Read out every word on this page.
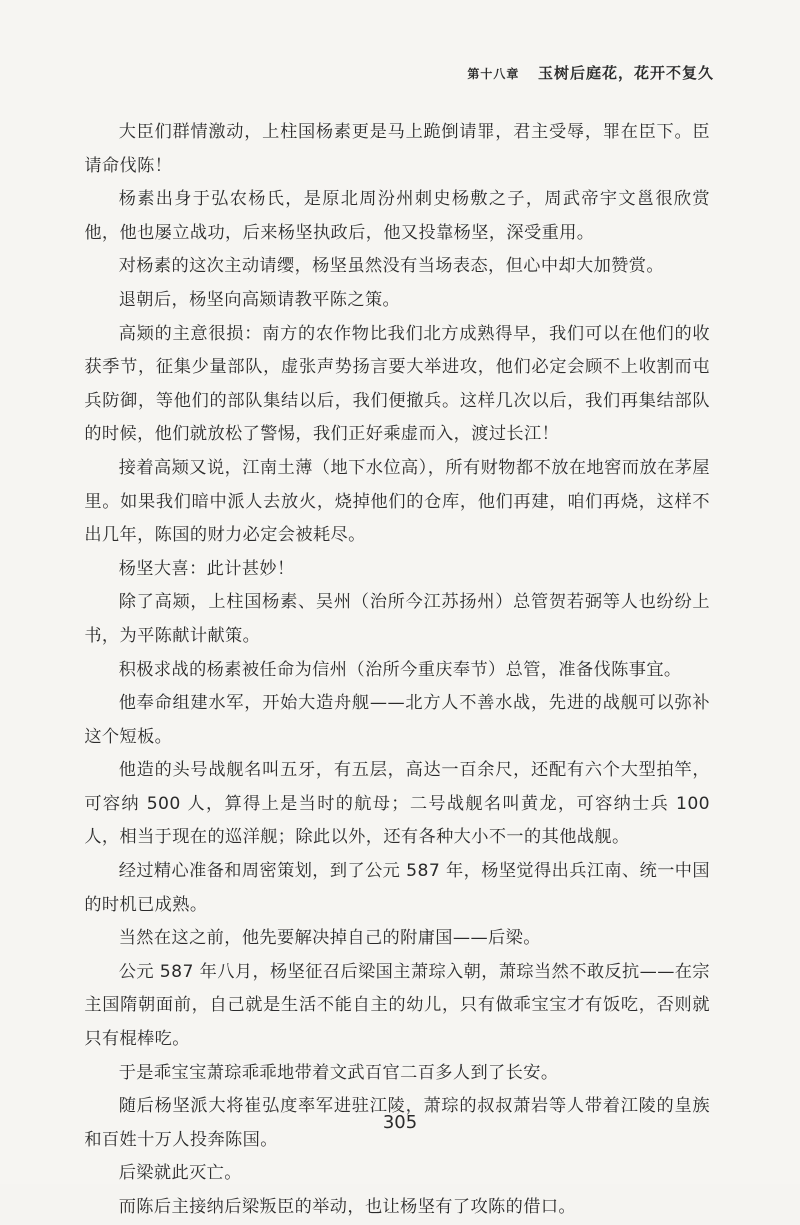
第十八章 玉树后庭花，花开不复久

大臣们群情激动，上柱国杨素更是马上跪倒请罪，君主受辱，罪在臣下。臣请命伐陈！

杨素出身于弘农杨氏，是原北周汾州刺史杨敷之子，周武帝宇文邕很欣赏他，他也屡立战功，后来杨坚执政后，他又投靠杨坚，深受重用。

对杨素的这次主动请缨，杨坚虽然没有当场表态，但心中却大加赞赏。

退朝后，杨坚向高颎请教平陈之策。

高颎的主意很损：南方的农作物比我们北方成熟得早，我们可以在他们的收获季节，征集少量部队，虚张声势扬言要大举进攻，他们必定会顾不上收割而屯兵防御，等他们的部队集结以后，我们便撤兵。这样几次以后，我们再集结部队的时候，他们就放松了警惕，我们正好乘虚而入，渡过长江！

接着高颎又说，江南土薄（地下水位高），所有财物都不放在地窖而放在茅屋里。如果我们暗中派人去放火，烧掉他们的仓库，他们再建，咱们再烧，这样不出几年，陈国的财力必定会被耗尽。

杨坚大喜：此计甚妙！

除了高颎，上柱国杨素、吴州（治所今江苏扬州）总管贺若弼等人也纷纷上书，为平陈献计献策。

积极求战的杨素被任命为信州（治所今重庆奉节）总管，准备伐陈事宜。

他奉命组建水军，开始大造舟舰——北方人不善水战，先进的战舰可以弥补这个短板。

他造的头号战舰名叫五牙，有五层，高达一百余尺，还配有六个大型拍竿，可容纳 500 人，算得上是当时的航母；二号战舰名叫黄龙，可容纳士兵 100 人，相当于现在的巡洋舰；除此以外，还有各种大小不一的其他战舰。

经过精心准备和周密策划，到了公元 587 年，杨坚觉得出兵江南、统一中国的时机已成熟。

当然在这之前，他先要解决掉自己的附庸国——后梁。

公元 587 年八月，杨坚征召后梁国主萧琮入朝，萧琮当然不敢反抗——在宗主国隋朝面前，自己就是生活不能自主的幼儿，只有做乖宝宝才有饭吃，否则就只有棍棒吃。

于是乖宝宝萧琮乖乖地带着文武百官二百多人到了长安。

随后杨坚派大将崔弘度率军进驻江陵，萧琮的叔叔萧岩等人带着江陵的皇族和百姓十万人投奔陈国。

后梁就此灭亡。

而陈后主接纳后梁叛臣的举动，也让杨坚有了攻陈的借口。

305
